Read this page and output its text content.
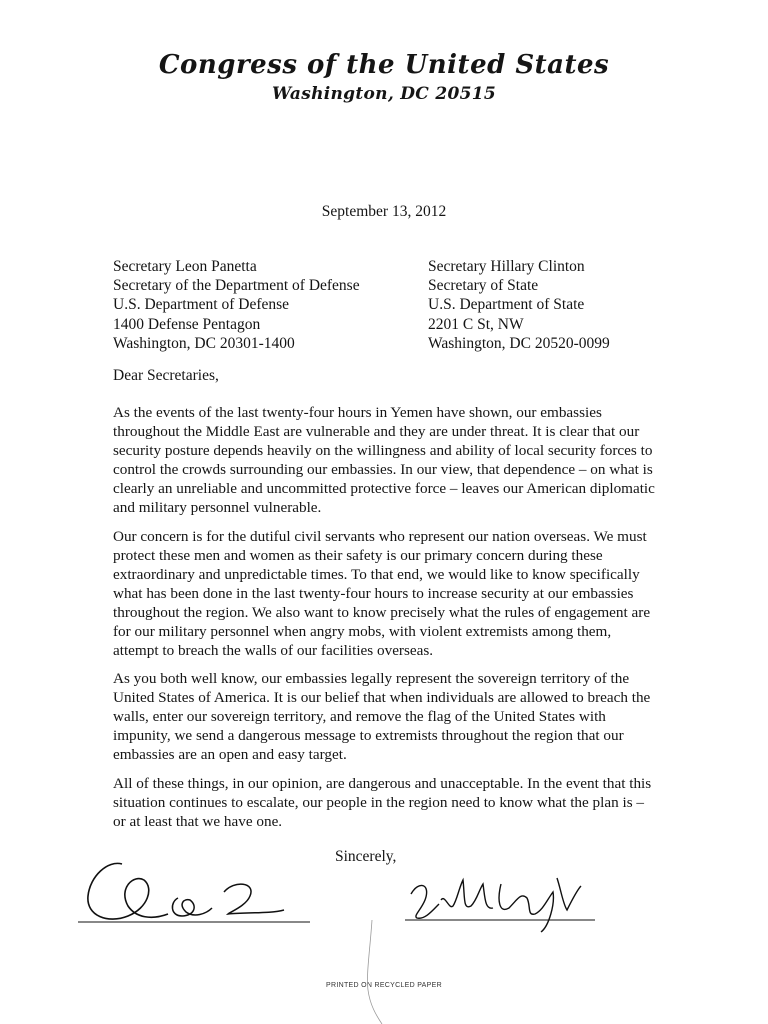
Congress of the United States
Washington, DC 20515
September 13, 2012
Secretary Leon Panetta
Secretary of the Department of Defense
U.S. Department of Defense
1400 Defense Pentagon
Washington, DC 20301-1400
Secretary Hillary Clinton
Secretary of State
U.S. Department of State
2201 C St, NW
Washington, DC 20520-0099
Dear Secretaries,
As the events of the last twenty-four hours in Yemen have shown, our embassies
throughout the Middle East are vulnerable and they are under threat. It is clear that our
security posture depends heavily on the willingness and ability of local security forces to
control the crowds surrounding our embassies. In our view, that dependence – on what is
clearly an unreliable and uncommitted protective force – leaves our American diplomatic
and military personnel vulnerable.
Our concern is for the dutiful civil servants who represent our nation overseas. We must
protect these men and women as their safety is our primary concern during these
extraordinary and unpredictable times. To that end, we would like to know specifically
what has been done in the last twenty-four hours to increase security at our embassies
throughout the region. We also want to know precisely what the rules of engagement are
for our military personnel when angry mobs, with violent extremists among them,
attempt to breach the walls of our facilities overseas.
As you both well know, our embassies legally represent the sovereign territory of the
United States of America. It is our belief that when individuals are allowed to breach the
walls, enter our sovereign territory, and remove the flag of the United States with
impunity, we send a dangerous message to extremists throughout the region that our
embassies are an open and easy target.
All of these things, in our opinion, are dangerous and unacceptable. In the event that this
situation continues to escalate, our people in the region need to know what the plan is –
or at least that we have one.
Sincerely,
PRINTED ON RECYCLED PAPER
